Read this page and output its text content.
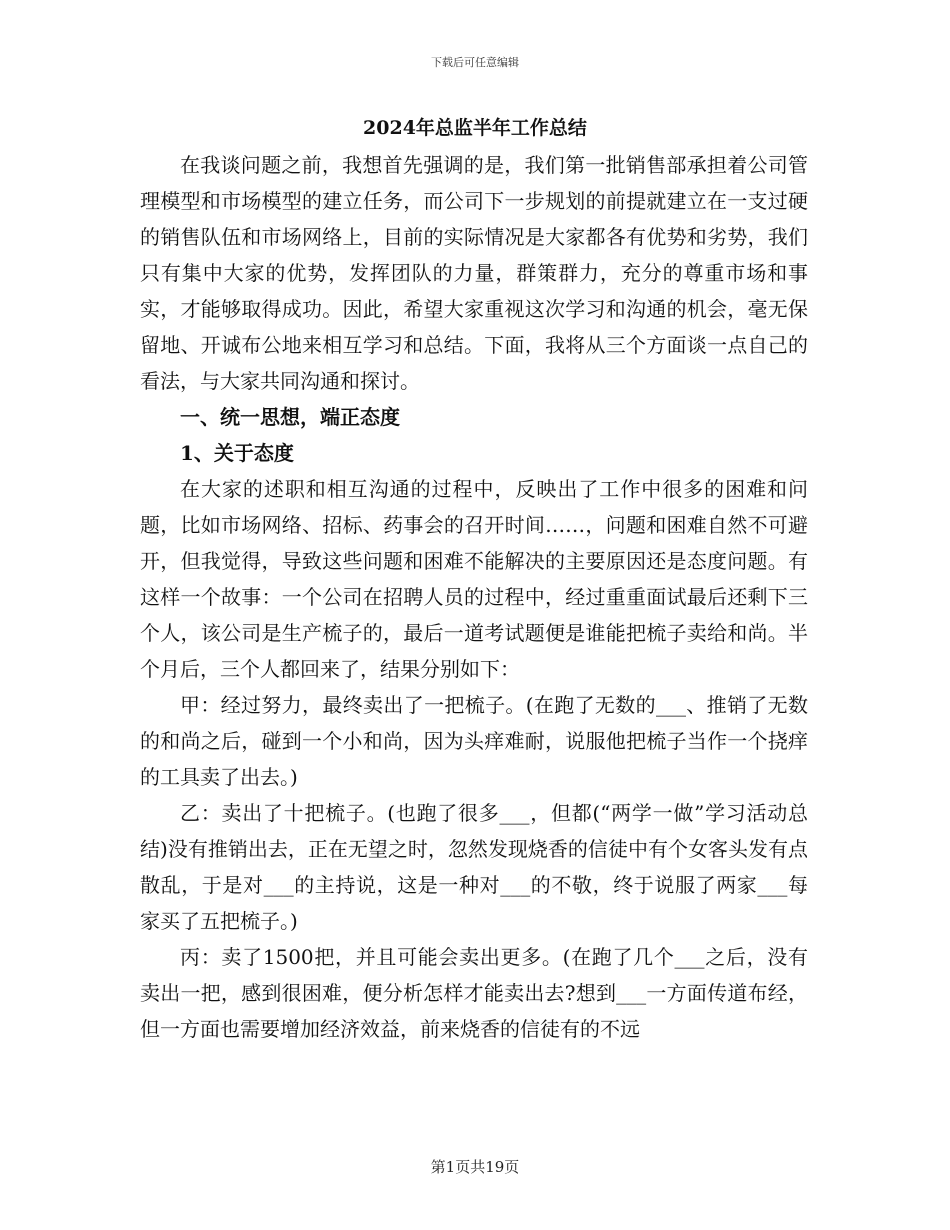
下载后可任意编辑
2024年总监半年工作总结

在我谈问题之前，我想首先强调的是，我们第一批销售部承担着公司管理模型和市场模型的建立任务，而公司下一步规划的前提就建立在一支过硬的销售队伍和市场网络上，目前的实际情况是大家都各有优势和劣势，我们只有集中大家的优势，发挥团队的力量，群策群力，充分的尊重市场和事实，才能够取得成功。因此，希望大家重视这次学习和沟通的机会，毫无保留地、开诚布公地来相互学习和总结。下面，我将从三个方面谈一点自己的看法，与大家共同沟通和探讨。

一、统一思想，端正态度

1、关于态度

在大家的述职和相互沟通的过程中，反映出了工作中很多的困难和问题，比如市场网络、招标、药事会的召开时间……，问题和困难自然不可避开，但我觉得，导致这些问题和困难不能解决的主要原因还是态度问题。有这样一个故事：一个公司在招聘人员的过程中，经过重重面试最后还剩下三个人，该公司是生产梳子的，最后一道考试题便是谁能把梳子卖给和尚。半个月后，三个人都回来了，结果分别如下：

甲：经过努力，最终卖出了一把梳子。(在跑了无数的___、推销了无数的和尚之后，碰到一个小和尚，因为头痒难耐，说服他把梳子当作一个挠痒的工具卖了出去。)

乙：卖出了十把梳子。(也跑了很多___，但都(“两学一做”学习活动总结)没有推销出去，正在无望之时，忽然发现烧香的信徒中有个女客头发有点散乱，于是对___的主持说，这是一种对___的不敬，终于说服了两家___每家买了五把梳子。)

丙：卖了1500把，并且可能会卖出更多。(在跑了几个___之后，没有卖出一把，感到很困难，便分析怎样才能卖出去?想到___一方面传道布经，但一方面也需要增加经济效益，前来烧香的信徒有的不远

第1页共19页
